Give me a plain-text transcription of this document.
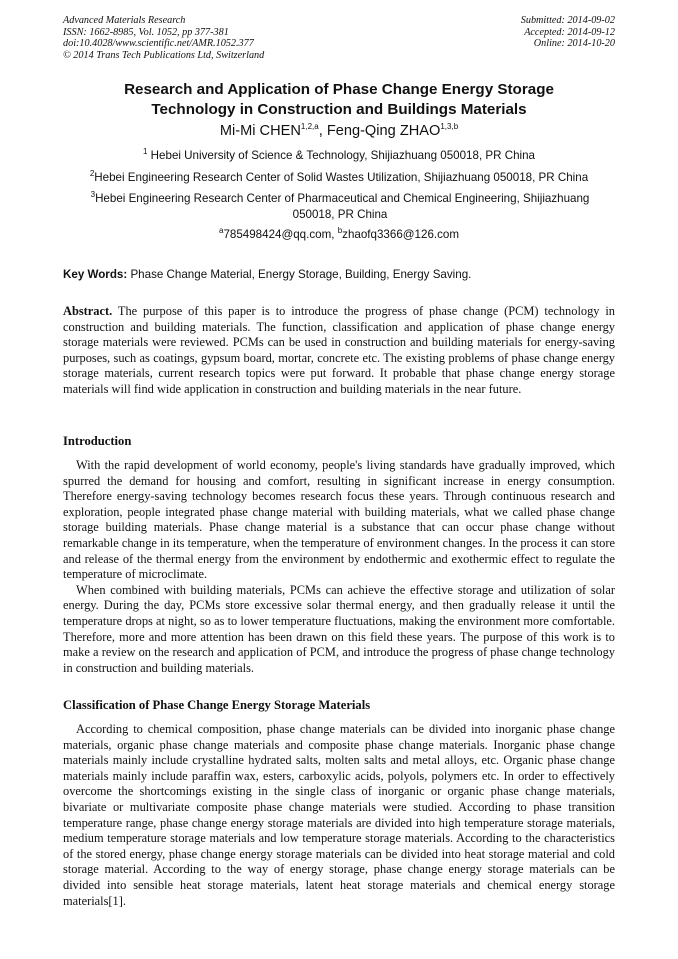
Advanced Materials Research
ISSN: 1662-8985, Vol. 1052, pp 377-381
doi:10.4028/www.scientific.net/AMR.1052.377
© 2014 Trans Tech Publications Ltd, Switzerland
Submitted: 2014-09-02
Accepted: 2014-09-12
Online: 2014-10-20
Research and Application of Phase Change Energy Storage
Technology in Construction and Buildings Materials
Mi-Mi CHEN$^{1,2,a}$, Feng-Qing ZHAO$^{1,3,b}$
$^1$ Hebei University of Science & Technology, Shijiazhuang 050018, PR China
$^2$Hebei Engineering Research Center of Solid Wastes Utilization, Shijiazhuang 050018, PR China
$^3$Hebei Engineering Research Center of Pharmaceutical and Chemical Engineering, Shijiazhuang 050018, PR China
$^a$785498424@qq.com, $^b$zhaofq3366@126.com
Key Words: Phase Change Material, Energy Storage, Building, Energy Saving.

Abstract. The purpose of this paper is to introduce the progress of phase change (PCM) technology in construction and building materials. The function, classification and application of phase change energy storage materials were reviewed. PCMs can be used in construction and building materials for energy-saving purposes, such as coatings, gypsum board, mortar, concrete etc. The existing problems of phase change energy storage materials, current research topics were put forward. It probable that phase change energy storage materials will find wide application in construction and building materials in the near future.

Introduction

With the rapid development of world economy, people's living standards have gradually improved, which spurred the demand for housing and comfort, resulting in significant increase in energy consumption. Therefore energy-saving technology becomes research focus these years. Through continuous research and exploration, people integrated phase change material with building materials, what we called phase change storage building materials. Phase change material is a substance that can occur phase change without remarkable change in its temperature, when the temperature of environment changes. In the process it can store and release of the thermal energy from the environment by endothermic and exothermic effect to regulate the temperature of microclimate.

When combined with building materials, PCMs can achieve the effective storage and utilization of solar energy. During the day, PCMs store excessive solar thermal energy, and then gradually release it until the temperature drops at night, so as to lower temperature fluctuations, making the environment more comfortable. Therefore, more and more attention has been drawn on this field these years. The purpose of this work is to make a review on the research and application of PCM, and introduce the progress of phase change technology in construction and building materials.

Classification of Phase Change Energy Storage Materials

According to chemical composition, phase change materials can be divided into inorganic phase change materials, organic phase change materials and composite phase change materials. Inorganic phase change materials mainly include crystalline hydrated salts, molten salts and metal alloys, etc. Organic phase change materials mainly include paraffin wax, esters, carboxylic acids, polyols, polymers etc. In order to effectively overcome the shortcomings existing in the single class of inorganic or organic phase change materials, bivariate or multivariate composite phase change materials were studied. According to phase transition temperature range, phase change energy storage materials are divided into high temperature storage materials, medium temperature storage materials and low temperature storage materials. According to the characteristics of the stored energy, phase change energy storage materials can be divided into heat storage material and cold storage material. According to the way of energy storage, phase change energy storage materials can be divided into sensible heat storage materials, latent heat storage materials and chemical energy storage materials[1].
